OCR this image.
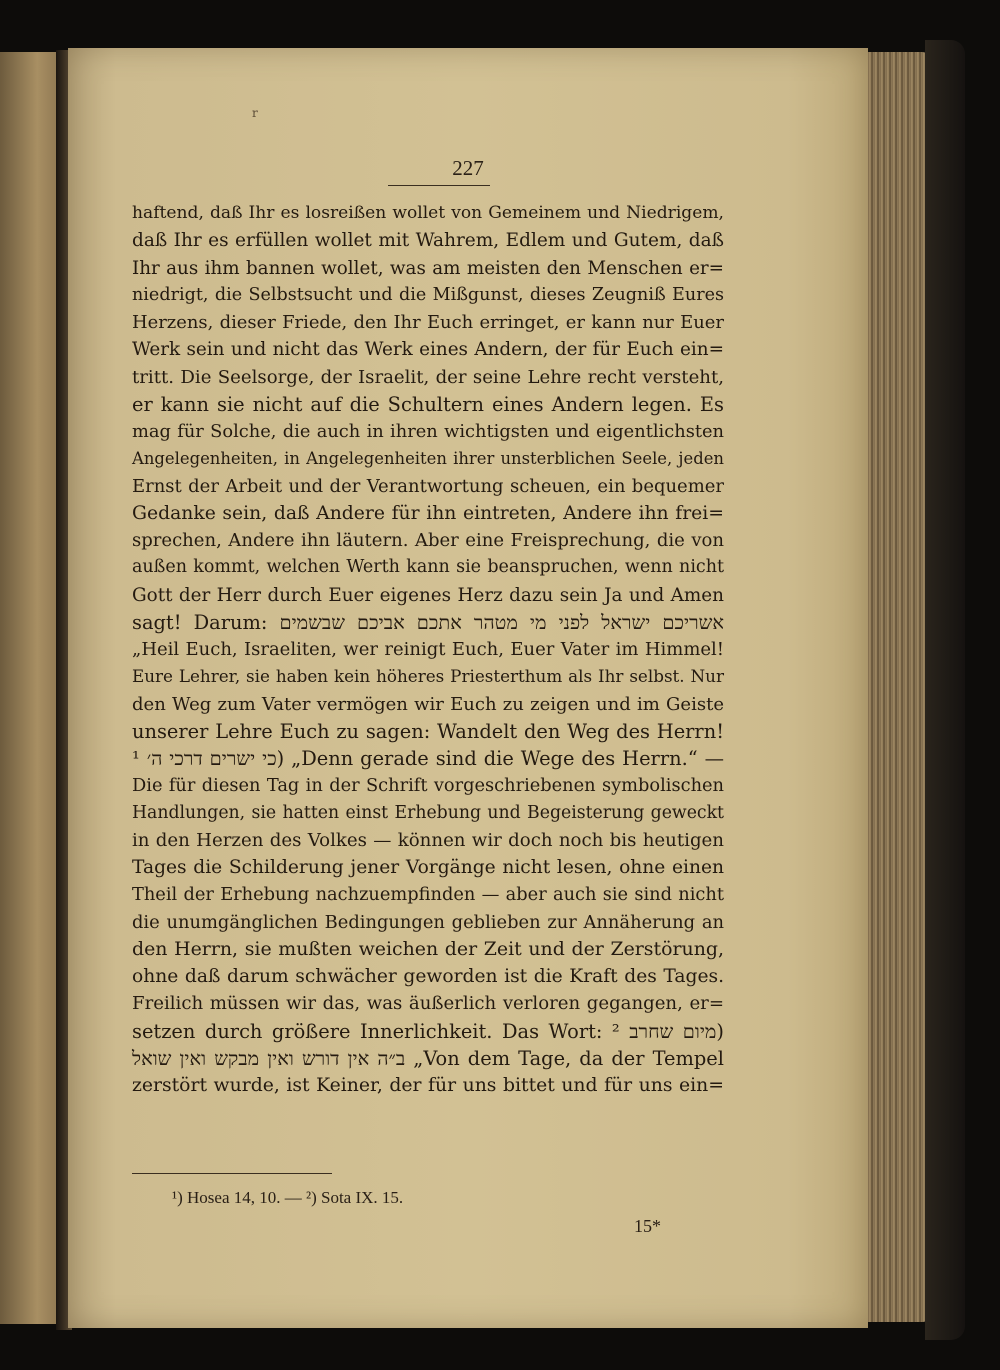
r
227
haftend, daß Ihr es losreißen wollet von Gemeinem und Niedrigem,
daß Ihr es erfüllen wollet mit Wahrem, Edlem und Gutem, daß
Ihr aus ihm bannen wollet, was am meisten den Menschen er=
niedrigt, die Selbstsucht und die Mißgunst, dieses Zeugniß Eures
Herzens, dieser Friede, den Ihr Euch erringet, er kann nur Euer
Werk sein und nicht das Werk eines Andern, der für Euch ein=
tritt. Die Seelsorge, der Israelit, der seine Lehre recht versteht,
er kann sie nicht auf die Schultern eines Andern legen. Es
mag für Solche, die auch in ihren wichtigsten und eigentlichsten
Angelegenheiten, in Angelegenheiten ihrer unsterblichen Seele, jeden
Ernst der Arbeit und der Verantwortung scheuen, ein bequemer
Gedanke sein, daß Andere für ihn eintreten, Andere ihn frei=
sprechen, Andere ihn läutern. Aber eine Freisprechung, die von
außen kommt, welchen Werth kann sie beanspruchen, wenn nicht
Gott der Herr durch Euer eigenes Herz dazu sein Ja und Amen
sagt! Darum: אשריכם ישראל לפני מי מטהר אתכם אביכם שבשמים
„Heil Euch, Israeliten, wer reinigt Euch, Euer Vater im Himmel!
Eure Lehrer, sie haben kein höheres Priesterthum als Ihr selbst. Nur
den Weg zum Vater vermögen wir Euch zu zeigen und im Geiste
unserer Lehre Euch zu sagen: Wandelt den Weg des Herrn!
כי ישרים דרכי ה׳ ¹) „Denn gerade sind die Wege des Herrn.“ —
Die für diesen Tag in der Schrift vorgeschriebenen symbolischen
Handlungen, sie hatten einst Erhebung und Begeisterung geweckt
in den Herzen des Volkes — können wir doch noch bis heutigen
Tages die Schilderung jener Vorgänge nicht lesen, ohne einen
Theil der Erhebung nachzuempfinden — aber auch sie sind nicht
die unumgänglichen Bedingungen geblieben zur Annäherung an
den Herrn, sie mußten weichen der Zeit und der Zerstörung,
ohne daß darum schwächer geworden ist die Kraft des Tages.
Freilich müssen wir das, was äußerlich verloren gegangen, er=
setzen durch größere Innerlichkeit. Das Wort: מיום שחרב ²)
ב״ה אין דורש ואין מבקש ואין שואל „Von dem Tage, da der Tempel
zerstört wurde, ist Keiner, der für uns bittet und für uns ein=
¹) Hosea 14, 10. — ²) Sota IX. 15.
15*
